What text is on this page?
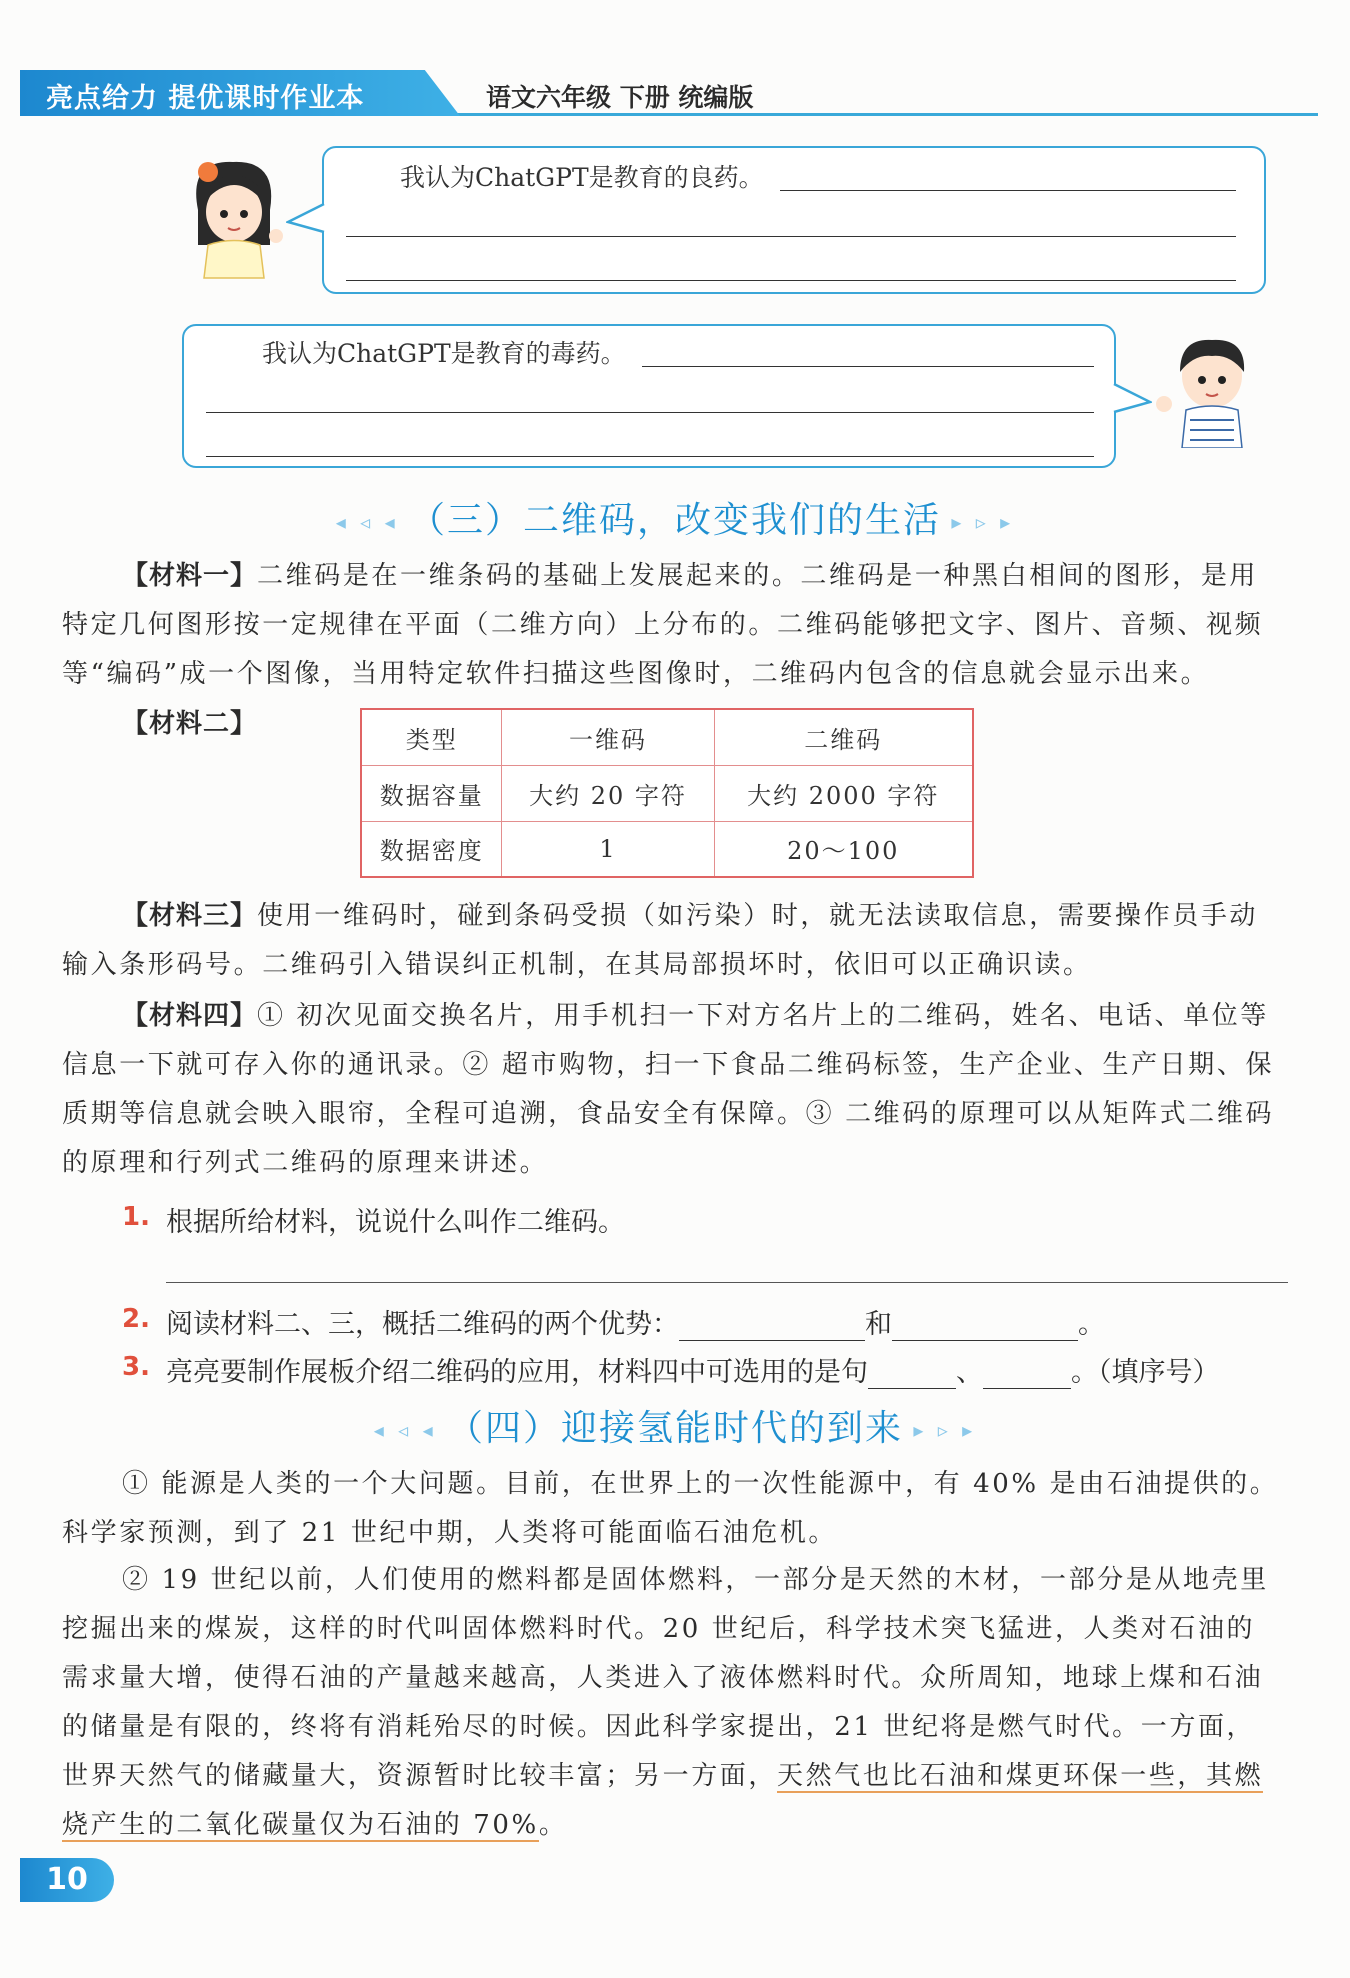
亮点给力 提优课时作业本	语文六年级 下册 统编版
我认为ChatGPT是教育的良药。
我认为ChatGPT是教育的毒药。
◂ ◃ ◂ （三）二维码，改变我们的生活 ▸ ▹ ▸
【材料一】二维码是在一维条码的基础上发展起来的。二维码是一种黑白相间的图形，是用特定几何图形按一定规律在平面（二维方向）上分布的。二维码能够把文字、图片、音频、视频等“编码”成一个图像，当用特定软件扫描这些图像时，二维码内包含的信息就会显示出来。
【材料二】
类型	一维码	二维码
数据容量	大约 20 字符	大约 2000 字符
数据密度	1	20～100
【材料三】使用一维码时，碰到条码受损（如污染）时，就无法读取信息，需要操作员手动输入条形码号。二维码引入错误纠正机制，在其局部损坏时，依旧可以正确识读。
【材料四】① 初次见面交换名片，用手机扫一下对方名片上的二维码，姓名、电话、单位等信息一下就可存入你的通讯录。② 超市购物，扫一下食品二维码标签，生产企业、生产日期、保质期等信息就会映入眼帘，全程可追溯，食品安全有保障。③ 二维码的原理可以从矩阵式二维码的原理和行列式二维码的原理来讲述。
1. 根据所给材料，说说什么叫作二维码。
2. 阅读材料二、三，概括二维码的两个优势：	和	。
3. 亮亮要制作展板介绍二维码的应用，材料四中可选用的是句	、	。（填序号）
◂ ◃ ◂ （四）迎接氢能时代的到来 ▸ ▹ ▸
① 能源是人类的一个大问题。目前，在世界上的一次性能源中，有 40% 是由石油提供的。科学家预测，到了 21 世纪中期，人类将可能面临石油危机。
② 19 世纪以前，人们使用的燃料都是固体燃料，一部分是天然的木材，一部分是从地壳里挖掘出来的煤炭，这样的时代叫固体燃料时代。20 世纪后，科学技术突飞猛进，人类对石油的需求量大增，使得石油的产量越来越高，人类进入了液体燃料时代。众所周知，地球上煤和石油的储量是有限的，终将有消耗殆尽的时候。因此科学家提出，21 世纪将是燃气时代。一方面，世界天然气的储藏量大，资源暂时比较丰富；另一方面，天然气也比石油和煤更环保一些，其燃烧产生的二氧化碳量仅为石油的 70%。
10
